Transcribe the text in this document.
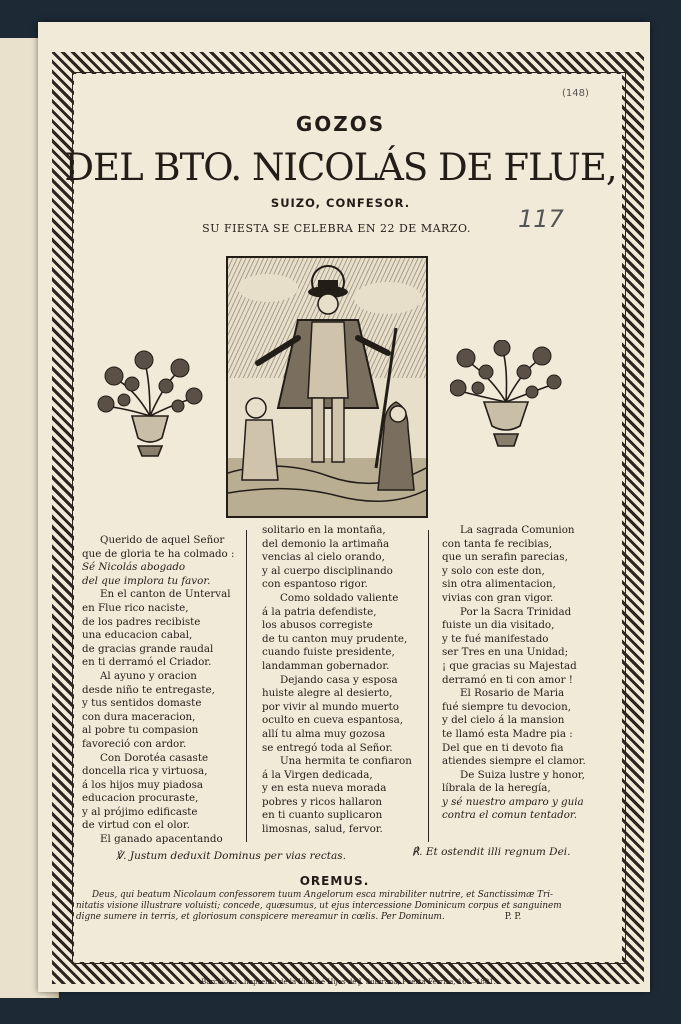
(148)
117
GOZOS
DEL BTO. NICOLÁS DE FLUE,
SUIZO, CONFESOR.
SU FIESTA SE CELEBRA EN 22 DE MARZO.
Querido de aquel Señor
que de gloria te ha colmado :
Sé Nicolás abogado
del que implora tu favor.
En el canton de Unterval
en Flue rico naciste,
de los padres recibiste
una educacion cabal,
de gracias grande raudal
en ti derramó el Criador.
Al ayuno y oracion
desde niño te entregaste,
y tus sentidos domaste
con dura maceracion,
al pobre tu compasion
favoreció con ardor.
Con Dorotéa casaste
doncella rica y virtuosa,
á los hijos muy piadosa
educacion procuraste,
y al prójimo edificaste
de virtud con el olor.
El ganado apacentando
solitario en la montaña,
del demonio la artimaña
vencias al cielo orando,
y al cuerpo disciplinando
con espantoso rigor.
Como soldado valiente
á la patria defendiste,
los abusos corregiste
de tu canton muy prudente,
cuando fuiste presidente,
landamman gobernador.
Dejando casa y esposa
huiste alegre al desierto,
por vivir al mundo muerto
oculto en cueva espantosa,
allí tu alma muy gozosa
se entregó toda al Señor.
Una hermita te confiaron
á la Virgen dedicada,
y en esta nueva morada
pobres y ricos hallaron
en ti cuanto suplicaron
limosnas, salud, fervor.
La sagrada Comunion
con tanta fe recibias,
que un serafin parecias,
y solo con este don,
sin otra alimentacion,
vivias con gran vigor.
Por la Sacra Trinidad
fuiste un dia visitado,
y te fué manifestado
ser Tres en una Unidad;
¡ que gracias su Majestad
derramó en ti con amor !
El Rosario de Maria
fué siempre tu devocion,
y del cielo á la mansion
te llamó esta Madre pia :
Del que en ti devoto fia
atiendes siempre el clamor.
De Suiza lustre y honor,
líbrala de la heregía,
y sé nuestro amparo y guia
contra el comun tentador.
℣. Justum deduxit Dominus per vias rectas.	℟. Et ostendit illi regnum Dei.
OREMUS.
Deus, qui beatum Nicolaum confessorem tuum Angelorum esca mirabiliter nutrire, et Sanctissimæ Tri-
nitatis visione illustrare voluisti; concede, quæsumus, ut ejus intercessione Dominicum corpus et sanguinem
digne sumere in terris, et gloriosum conspicere mereamur in cœlis. Per Dominum.	P. P.
Barcelona : Imprenta de la Viuda é Hijos de J. Subirana, Puerta Ferrisa, 16.—1881.
